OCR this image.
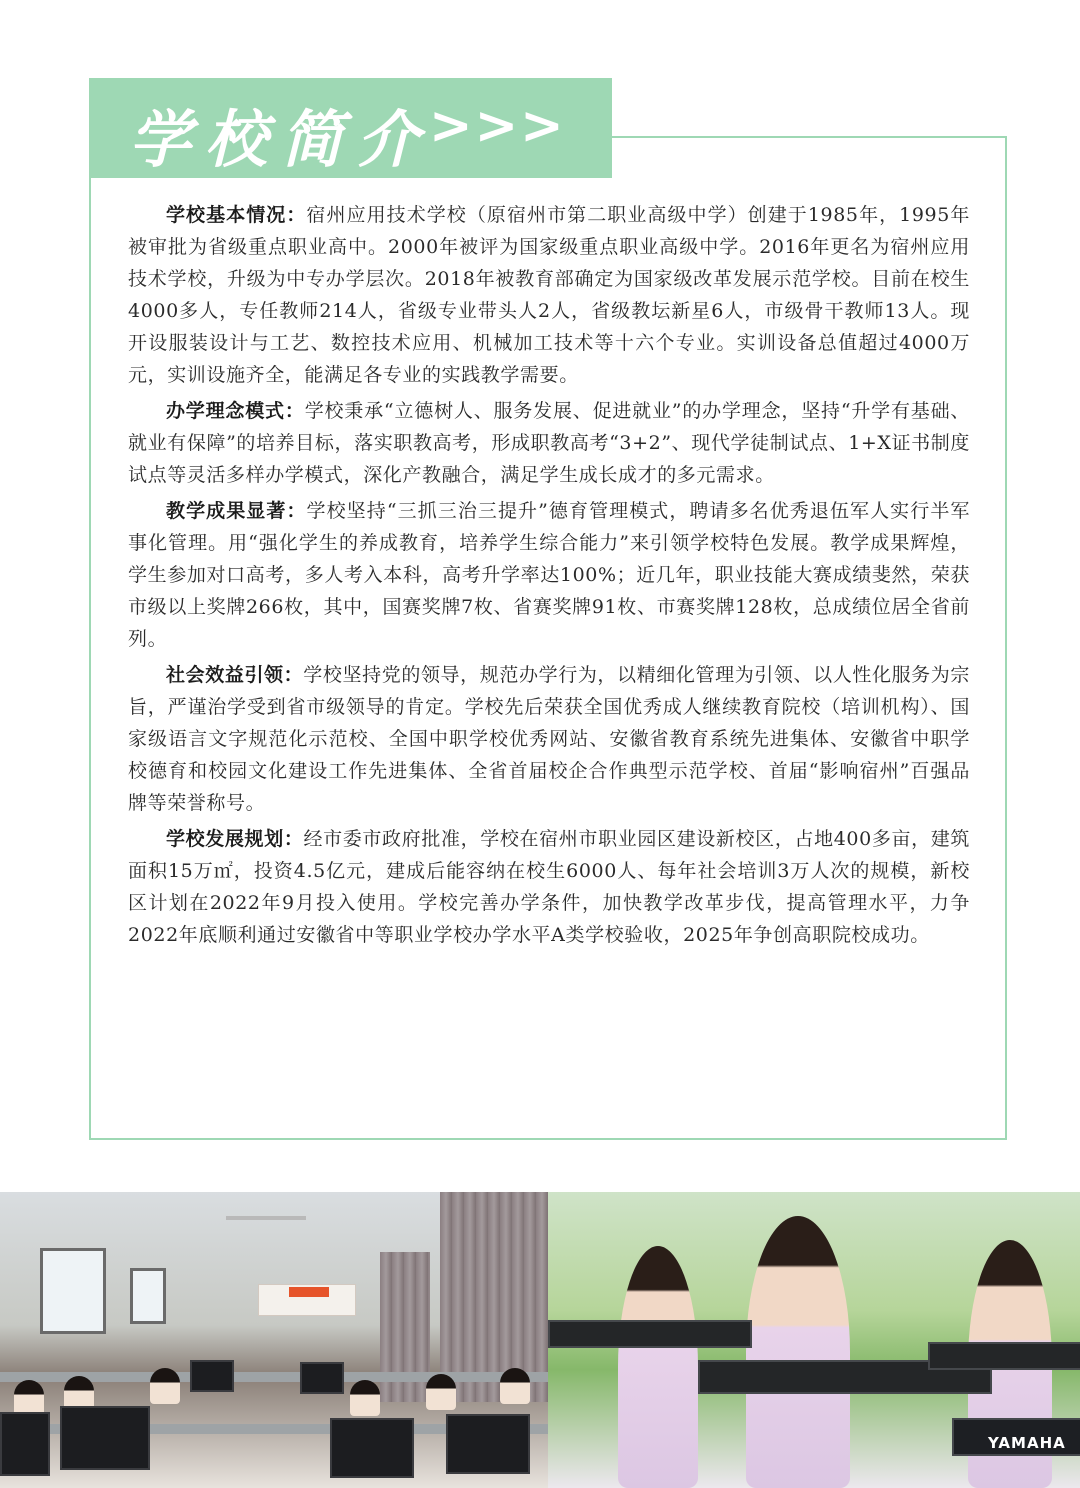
学校简介
>>>

学校基本情况：宿州应用技术学校（原宿州市第二职业高级中学）创建于1985年，1995年被审批为省级重点职业高中。2000年被评为国家级重点职业高级中学。2016年更名为宿州应用技术学校，升级为中专办学层次。2018年被教育部确定为国家级改革发展示范学校。目前在校生4000多人，专任教师214人，省级专业带头人2人，省级教坛新星6人，市级骨干教师13人。现开设服装设计与工艺、数控技术应用、机械加工技术等十六个专业。实训设备总值超过4000万元，实训设施齐全，能满足各专业的实践教学需要。

办学理念模式：学校秉承“立德树人、服务发展、促进就业”的办学理念，坚持“升学有基础、就业有保障”的培养目标，落实职教高考，形成职教高考“3+2”、现代学徒制试点、1+X证书制度试点等灵活多样办学模式，深化产教融合，满足学生成长成才的多元需求。

教学成果显著：学校坚持“三抓三治三提升”德育管理模式，聘请多名优秀退伍军人实行半军事化管理。用“强化学生的养成教育，培养学生综合能力”来引领学校特色发展。教学成果辉煌，学生参加对口高考，多人考入本科，高考升学率达100%；近几年，职业技能大赛成绩斐然，荣获市级以上奖牌266枚，其中，国赛奖牌7枚、省赛奖牌91枚、市赛奖牌128枚，总成绩位居全省前列。

社会效益引领：学校坚持党的领导，规范办学行为，以精细化管理为引领、以人性化服务为宗旨，严谨治学受到省市级领导的肯定。学校先后荣获全国优秀成人继续教育院校（培训机构）、国家级语言文字规范化示范校、全国中职学校优秀网站、安徽省教育系统先进集体、安徽省中职学校德育和校园文化建设工作先进集体、全省首届校企合作典型示范学校、首届“影响宿州”百强品牌等荣誉称号。

学校发展规划：经市委市政府批准，学校在宿州市职业园区建设新校区，占地400多亩，建筑面积15万㎡，投资4.5亿元，建成后能容纳在校生6000人、每年社会培训3万人次的规模，新校区计划在2022年9月投入使用。学校完善办学条件，加快教学改革步伐，提高管理水平，力争2022年底顺利通过安徽省中等职业学校办学水平A类学校验收，2025年争创高职院校成功。

YAMAHA
